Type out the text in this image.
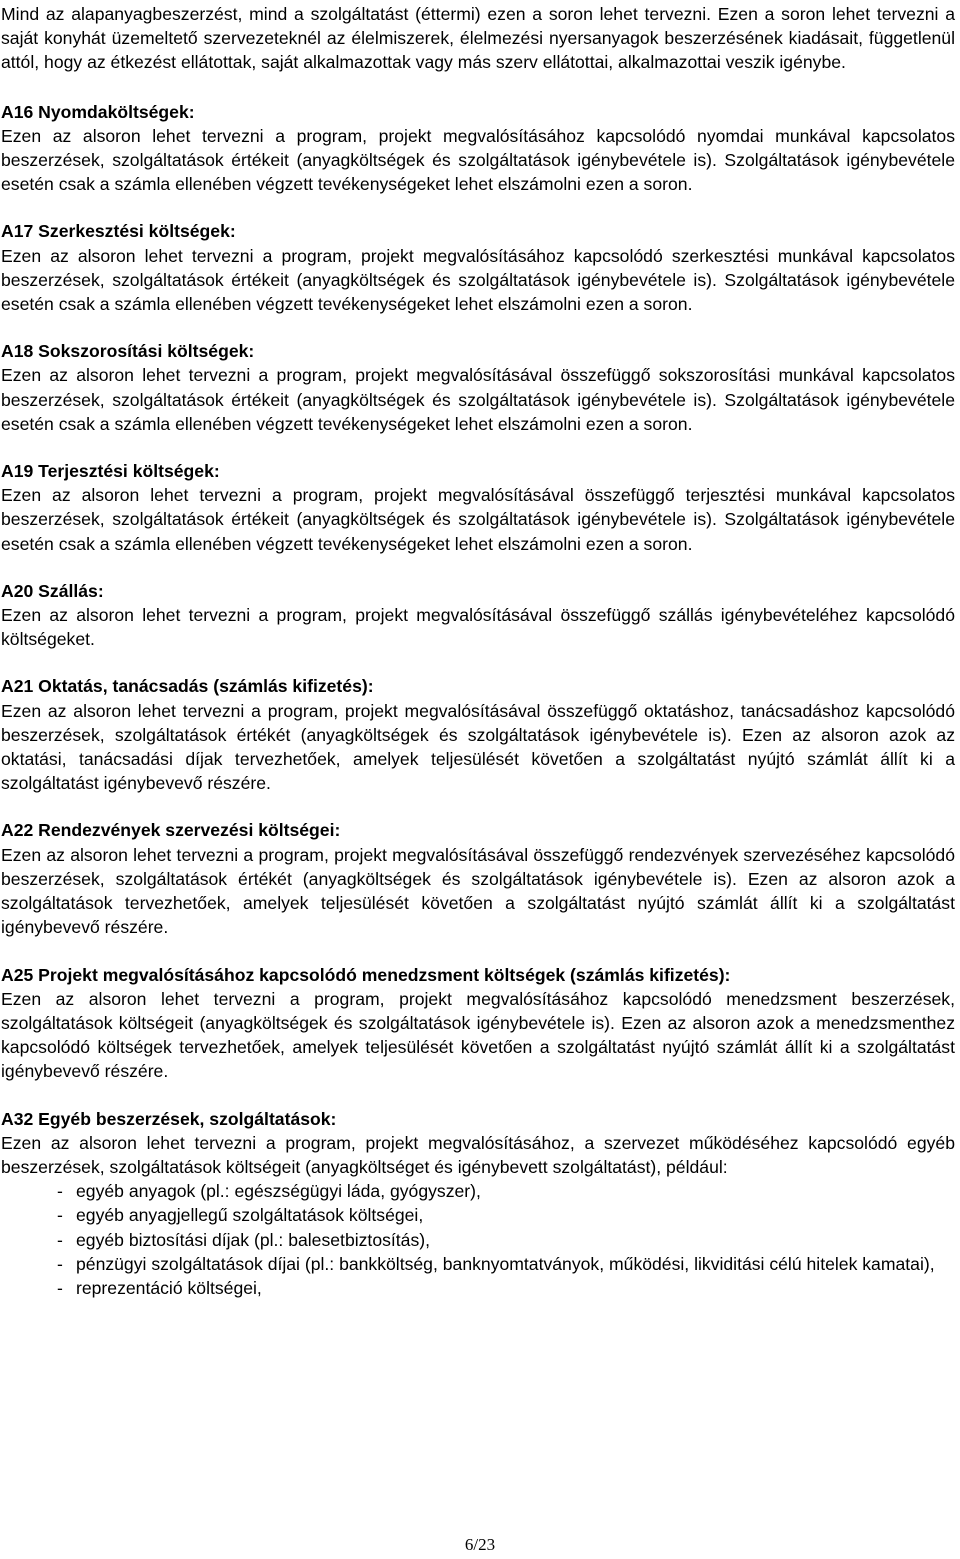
Mind az alapanyagbeszerzést, mind a szolgáltatást (éttermi) ezen a soron lehet tervezni. Ezen a soron lehet tervezni a saját konyhát üzemeltető szervezeteknél az élelmiszerek, élelmezési nyersanyagok beszerzésének kiadásait, függetlenül attól, hogy az étkezést ellátottak, saját alkalmazottak vagy más szerv ellátottai, alkalmazottai veszik igénybe.

A16 Nyomdaköltségek:

Ezen az alsoron lehet tervezni a program, projekt megvalósításához kapcsolódó nyomdai munkával kapcsolatos beszerzések, szolgáltatások értékeit (anyagköltségek és szolgáltatások igénybevétele is). Szolgáltatások igénybevétele esetén csak a számla ellenében végzett tevékenységeket lehet elszámolni ezen a soron.

A17 Szerkesztési költségek:

Ezen az alsoron lehet tervezni a program, projekt megvalósításához kapcsolódó szerkesztési munkával kapcsolatos beszerzések, szolgáltatások értékeit (anyagköltségek és szolgáltatások igénybevétele is). Szolgáltatások igénybevétele esetén csak a számla ellenében végzett tevékenységeket lehet elszámolni ezen a soron.

A18 Sokszorosítási költségek:

Ezen az alsoron lehet tervezni a program, projekt megvalósításával összefüggő sokszorosítási munkával kapcsolatos beszerzések, szolgáltatások értékeit (anyagköltségek és szolgáltatások igénybevétele is). Szolgáltatások igénybevétele esetén csak a számla ellenében végzett tevékenységeket lehet elszámolni ezen a soron.

A19 Terjesztési költségek:

Ezen az alsoron lehet tervezni a program, projekt megvalósításával összefüggő terjesztési munkával kapcsolatos beszerzések, szolgáltatások értékeit (anyagköltségek és szolgáltatások igénybevétele is). Szolgáltatások igénybevétele esetén csak a számla ellenében végzett tevékenységeket lehet elszámolni ezen a soron.

A20 Szállás:

Ezen az alsoron lehet tervezni a program, projekt megvalósításával összefüggő szállás igénybevételéhez kapcsolódó költségeket.

A21 Oktatás, tanácsadás (számlás kifizetés):

Ezen az alsoron lehet tervezni a program, projekt megvalósításával összefüggő oktatáshoz, tanácsadáshoz kapcsolódó beszerzések, szolgáltatások értékét (anyagköltségek és szolgáltatások igénybevétele is). Ezen az alsoron azok az oktatási, tanácsadási díjak tervezhetőek, amelyek teljesülését követően a szolgáltatást nyújtó számlát állít ki a szolgáltatást igénybevevő részére.

A22 Rendezvények szervezési költségei:

Ezen az alsoron lehet tervezni a program, projekt megvalósításával összefüggő rendezvények szervezéséhez kapcsolódó beszerzések, szolgáltatások értékét (anyagköltségek és szolgáltatások igénybevétele is). Ezen az alsoron azok a szolgáltatások tervezhetőek, amelyek teljesülését követően a szolgáltatást nyújtó számlát állít ki a szolgáltatást igénybevevő részére.

A25 Projekt megvalósításához kapcsolódó menedzsment költségek (számlás kifizetés):

Ezen az alsoron lehet tervezni a program, projekt megvalósításához kapcsolódó menedzsment beszerzések, szolgáltatások költségeit (anyagköltségek és szolgáltatások igénybevétele is). Ezen az alsoron azok a menedzsmenthez kapcsolódó költségek tervezhetőek, amelyek teljesülését követően a szolgáltatást nyújtó számlát állít ki a szolgáltatást igénybevevő részére.

A32 Egyéb beszerzések, szolgáltatások:

Ezen az alsoron lehet tervezni a program, projekt megvalósításához, a szervezet működéséhez kapcsolódó egyéb beszerzések, szolgáltatások költségeit (anyagköltséget és igénybevett szolgáltatást), például:

- egyéb anyagok (pl.: egészségügyi láda, gyógyszer),
- egyéb anyagjellegű szolgáltatások költségei,
- egyéb biztosítási díjak (pl.: balesetbiztosítás),
- pénzügyi szolgáltatások díjai (pl.: bankköltség, banknyomtatványok, működési, likviditási célú hitelek kamatai),
- reprezentáció költségei,
6/23
